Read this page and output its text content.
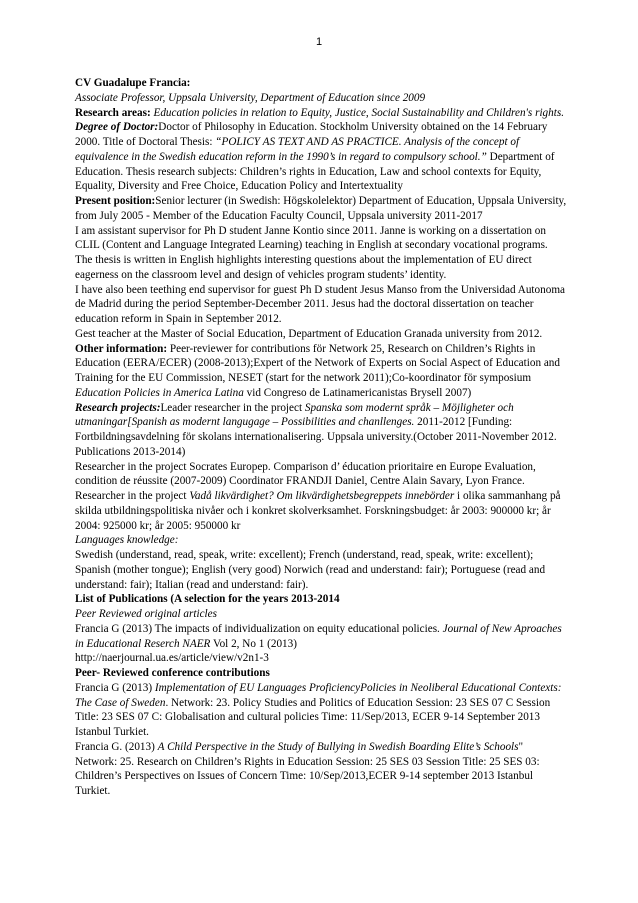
1

CV Guadalupe Francia:

Associate Professor, Uppsala University, Department of Education since 2009

Research areas: Education policies in relation to Equity, Justice, Social Sustainability and Children's rights.

Degree of Doctor:Doctor of Philosophy in Education. Stockholm University obtained on the 14 February 2000. Title of Doctoral Thesis: “POLICY AS TEXT AND AS PRACTICE. Analysis of the concept of equivalence in the Swedish education reform in the 1990’s in regard to compulsory school.” Department of Education. Thesis research subjects: Children’s rights in Education, Law and school contexts for Equity, Equality, Diversity and Free Choice, Education Policy and Intertextuality

Present position:Senior lecturer (in Swedish: Högskolelektor) Department of Education, Uppsala University, from July 2005 - Member of the Education Faculty Council, Uppsala university 2011-2017

I am assistant supervisor for Ph D student Janne Kontio since 2011. Janne is working on a dissertation on CLIL (Content and Language Integrated Learning) teaching in English at secondary vocational programs. The thesis is written in English highlights interesting questions about the implementation of EU direct eagerness on the classroom level and design of vehicles program students’ identity.

I have also been teething end supervisor for guest Ph D student Jesus Manso from the Universidad Autonoma de Madrid during the period September-December 2011. Jesus had the doctoral dissertation on teacher education reform in Spain in September 2012.

Gest teacher at the Master of Social Education, Department of Education Granada university from 2012.

Other information: Peer-reviewer for contributions för Network 25, Research on Children’s Rights in Education (EERA/ECER) (2008-2013);Expert of the Network of Experts on Social Aspect of Education and Training for the EU Commission, NESET (start for the network 2011);Co-koordinator för symposium Education Policies in America Latina vid Congreso de Latinamericanistas Brysell 2007)

Research projects:Leader researcher in the project Spanska som modernt språk – Möjligheter och utmaningar[Spanish as modernt langugage – Possibilities and chanllenges. 2011-2012 [Funding: Fortbildningsavdelning för skolans internationalisering. Uppsala university.(October 2011-November 2012. Publications 2013-2014)

Researcher in the project Socrates Europep. Comparison d’ éducation prioritaire en Europe Evaluation, condition de réussite (2007-2009) Coordinator FRANDJI Daniel, Centre Alain Savary, Lyon France.

Researcher in the project Vadå likvärdighet? Om likvärdighetsbegreppets innebörder i olika sammanhang på skilda utbildningspolitiska nivåer och i konkret skolverksamhet. Forskningsbudget: år 2003: 900000 kr; år 2004: 925000 kr; år 2005: 950000 kr

Languages knowledge:

Swedish (understand, read, speak, write: excellent); French (understand, read, speak, write: excellent); Spanish (mother tongue); English (very good) Norwich (read and understand: fair); Portuguese (read and understand: fair); Italian (read and understand: fair).

List of Publications (A selection for the years 2013-2014

Peer Reviewed original articles

Francia G (2013) The impacts of individualization on equity educational policies. Journal of New Aproaches in Educational Reserch NAER Vol 2, No 1 (2013)

http://naerjournal.ua.es/article/view/v2n1-3

Peer- Reviewed conference contributions

Francia G (2013) Implementation of EU Languages ProficiencyPolicies in Neoliberal Educational Contexts: The Case of Sweden. Network: 23. Policy Studies and Politics of Education Session: 23 SES 07 C Session Title: 23 SES 07 C: Globalisation and cultural policies Time: 11/Sep/2013, ECER 9-14 September 2013 Istanbul Turkiet.

Francia G. (2013) A Child Perspective in the Study of Bullying in Swedish Boarding Elite’s Schools" Network: 25. Research on Children’s Rights in Education Session: 25 SES 03 Session Title: 25 SES 03: Children’s Perspectives on Issues of Concern Time: 10/Sep/2013,ECER 9-14 september 2013 Istanbul Turkiet.
